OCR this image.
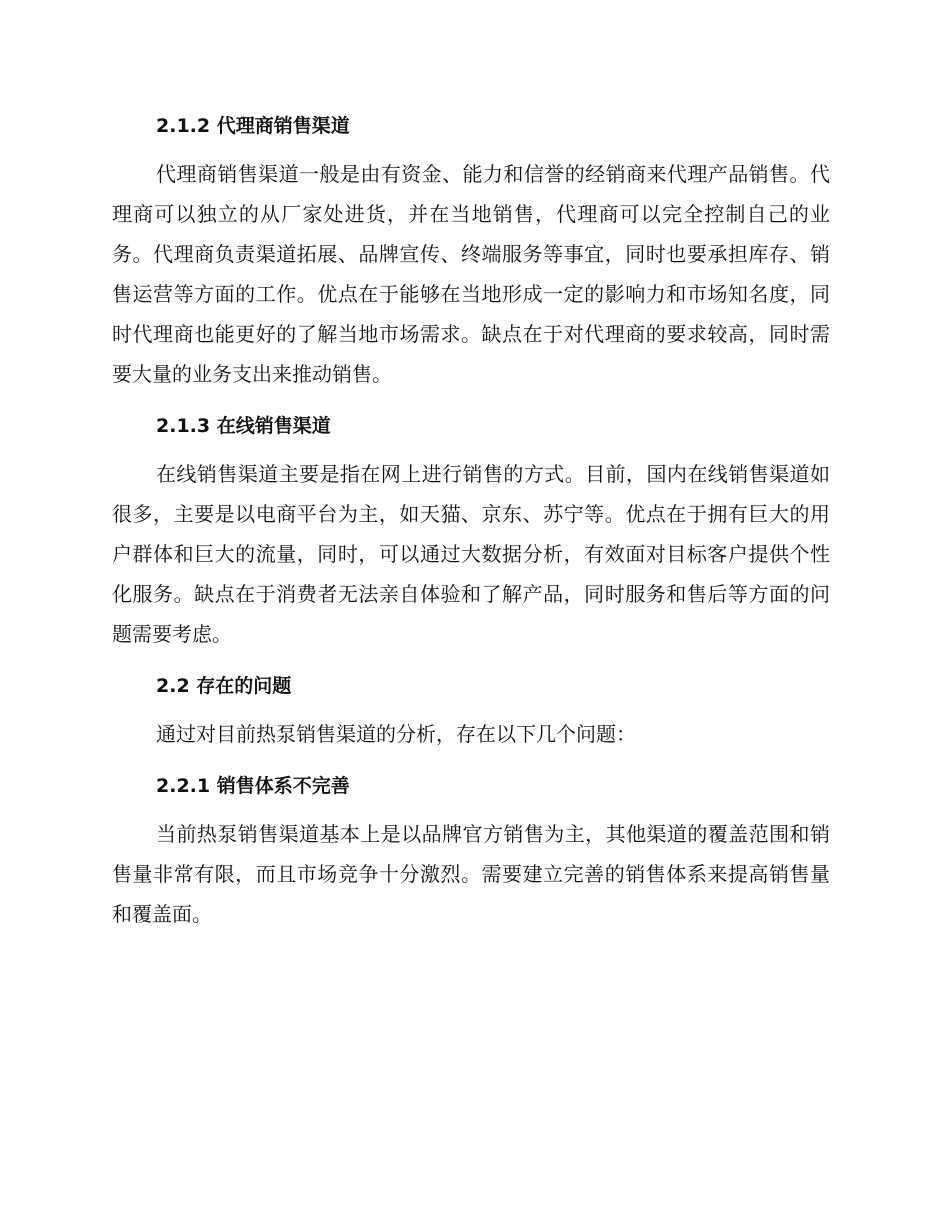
2.1.2 代理商销售渠道

代理商销售渠道一般是由有资金、能力和信誉的经销商来代理产品销售。代理商可以独立的从厂家处进货，并在当地销售，代理商可以完全控制自己的业务。代理商负责渠道拓展、品牌宣传、终端服务等事宜，同时也要承担库存、销售运营等方面的工作。优点在于能够在当地形成一定的影响力和市场知名度，同时代理商也能更好的了解当地市场需求。缺点在于对代理商的要求较高，同时需要大量的业务支出来推动销售。

2.1.3 在线销售渠道

在线销售渠道主要是指在网上进行销售的方式。目前，国内在线销售渠道如很多，主要是以电商平台为主，如天猫、京东、苏宁等。优点在于拥有巨大的用户群体和巨大的流量，同时，可以通过大数据分析，有效面对目标客户提供个性化服务。缺点在于消费者无法亲自体验和了解产品，同时服务和售后等方面的问题需要考虑。

2.2 存在的问题

通过对目前热泵销售渠道的分析，存在以下几个问题：

2.2.1 销售体系不完善

当前热泵销售渠道基本上是以品牌官方销售为主，其他渠道的覆盖范围和销售量非常有限，而且市场竞争十分激烈。需要建立完善的销售体系来提高销售量和覆盖面。
